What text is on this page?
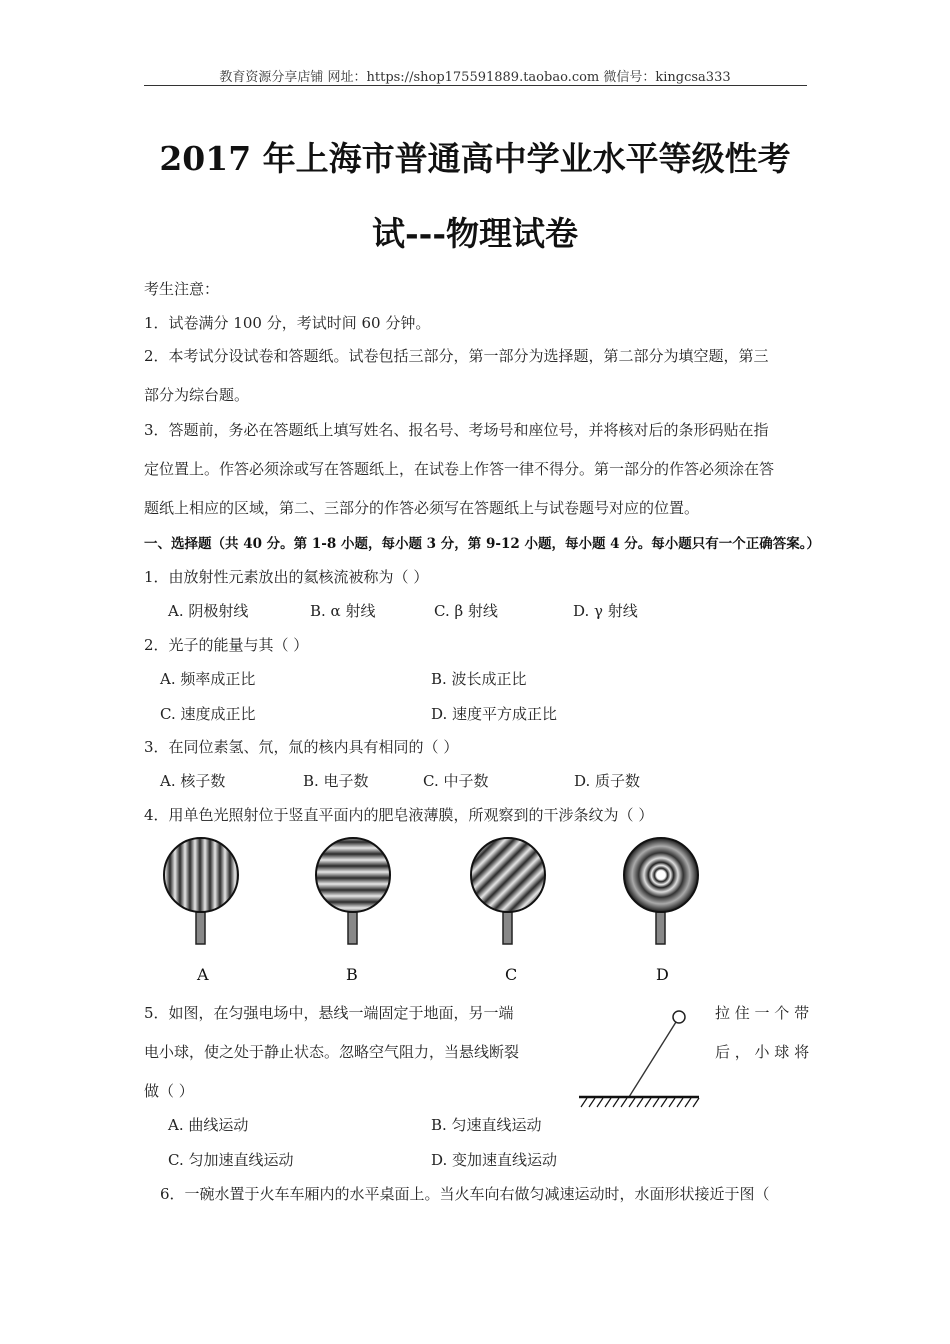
教育资源分享店铺 网址：https://shop175591889.taobao.com 微信号：kingcsa333
2017 年上海市普通高中学业水平等级性考
试---物理试卷
考生注意：
1．试卷满分 100 分，考试时间 60 分钟。
2．本考试分设试卷和答题纸。试卷包括三部分，第一部分为选择题，第二部分为填空题，第三
部分为综台题。
3．答题前，务必在答题纸上填写姓名、报名号、考场号和座位号，并将核对后的条形码贴在指
定位置上。作答必须涂或写在答题纸上，在试卷上作答一律不得分。第一部分的作答必须涂在答
题纸上相应的区域，第二、三部分的作答必须写在答题纸上与试卷题号对应的位置。
一、选择题（共 40 分。第 1-8 小题，每小题 3 分，第 9-12 小题，每小题 4 分。每小题只有一个正确答案。）
1．由放射性元素放出的氦核流被称为（ ）
A. 阴极射线	B. α 射线	C. β 射线	D. γ 射线
2．光子的能量与其（ ）
A. 频率成正比	B. 波长成正比
C. 速度成正比	D. 速度平方成正比
3．在同位素氢、氘，氚的核内具有相同的（ ）
A. 核子数	B. 电子数	C. 中子数	D. 质子数
4．用单色光照射位于竖直平面内的肥皂液薄膜，所观察到的干涉条纹为（ ）
A	B	C	D
5．如图，在匀强电场中，悬线一端固定于地面，另一端	拉 住 一 个 带
电小球，使之处于静止状态。忽略空气阻力，当悬线断裂	后 ， 小 球 将
做（ ）
A. 曲线运动	B. 匀速直线运动
C. 匀加速直线运动	D. 变加速直线运动
6．一碗水置于火车车厢内的水平桌面上。当火车向右做匀减速运动时，水面形状接近于图（
